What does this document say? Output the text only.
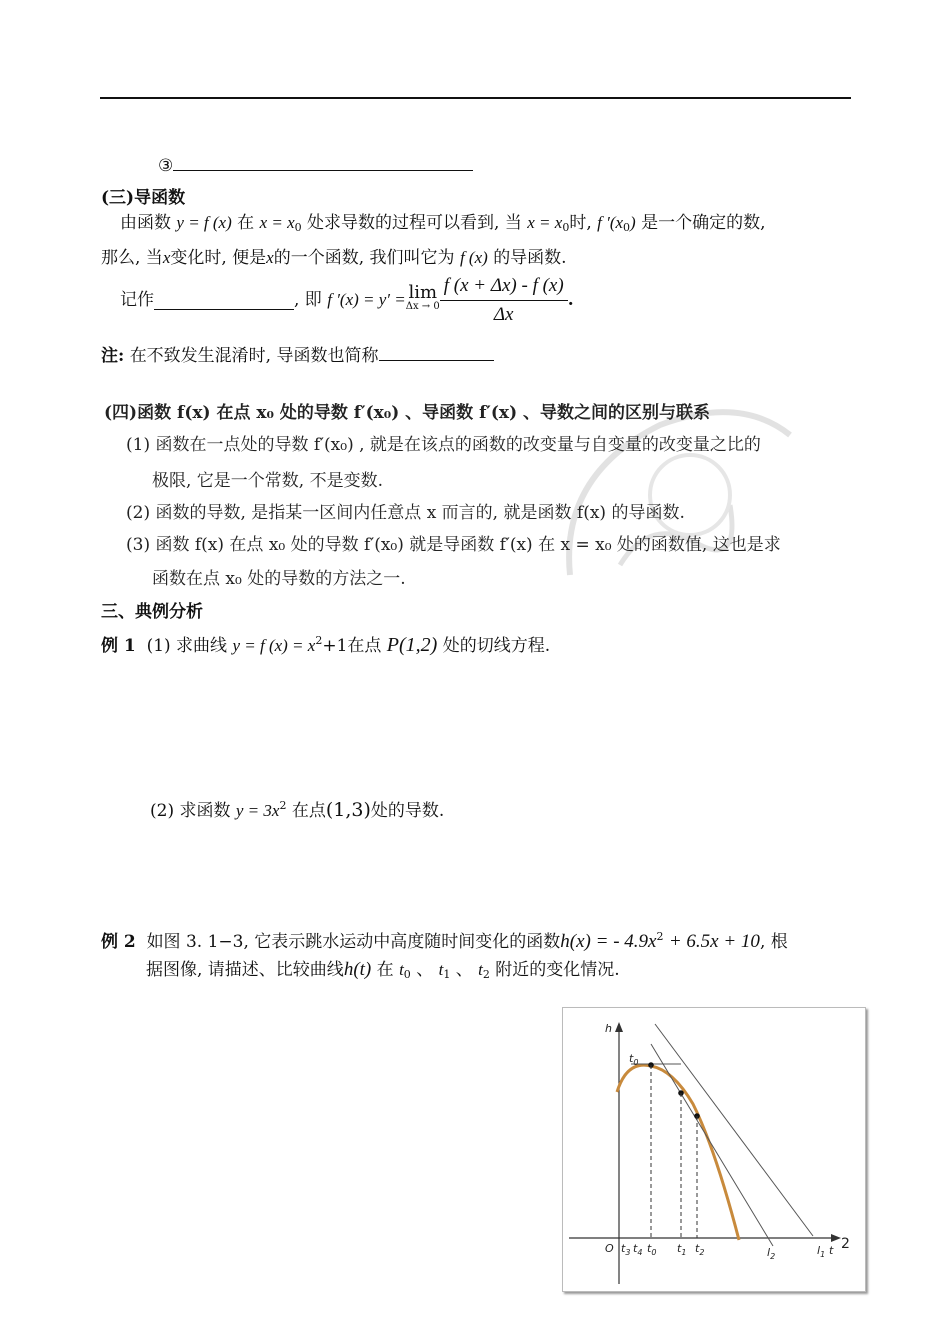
③
(三)导函数
由函数 y = f (x) 在 $x = x_0$ 处求导数的过程可以看到, 当 $x = x_0$时, f $'(x_0)$ 是一个确定的数,
那么, 当x变化时, 便是x的一个函数, 我们叫它为 f (x) 的导函数.
记作	, 即
f ′(x) = y′ = lim
$\Delta x \to 0 \frac{f (x + \Delta x) - f (x)}{\Delta x}$ .
注: 在不致发生混淆时, 导函数也简称
(四)函数 f(x) 在点 x₀ 处的导数 f′(x₀) 、导函数 f′(x) 、导数之间的区别与联系
(1) 函数在一点处的导数 f′(x₀) , 就是在该点的函数的改变量与自变量的改变量之比的
极限, 它是一个常数, 不是变数.
(2) 函数的导数, 是指某一区间内任意点 x 而言的, 就是函数 f(x) 的导函数.
(3) 函数 f(x) 在点 x₀ 处的导数 f′(x₀) 就是导函数 f′(x) 在 x = x₀ 处的函数值, 这也是求
函数在点 x₀ 处的导数的方法之一.
三、典例分析
例 1 (1) 求曲线 y = f $(x) = x^2+1$在点 P(1,2) 处的切线方程.
(2) 求函数 $y = 3x^2$ 在点(1,3)处的导数.
例 2 如图 3. 1−3, 它表示跳水运动中高度随时间变化的函数h(x) = - $4.9x^2 + 6.5x + 10$, 根
据图像, 请描述、比较曲线h(t) 在 $t_0$ 、 $t_1$ 、 $t_2$ 附近的变化情况.
h
t 2
O
$t_0$
$t_3$ $t_4$ $t_0$ $t_1$ $t_2$	$l_2$	$l_1$
